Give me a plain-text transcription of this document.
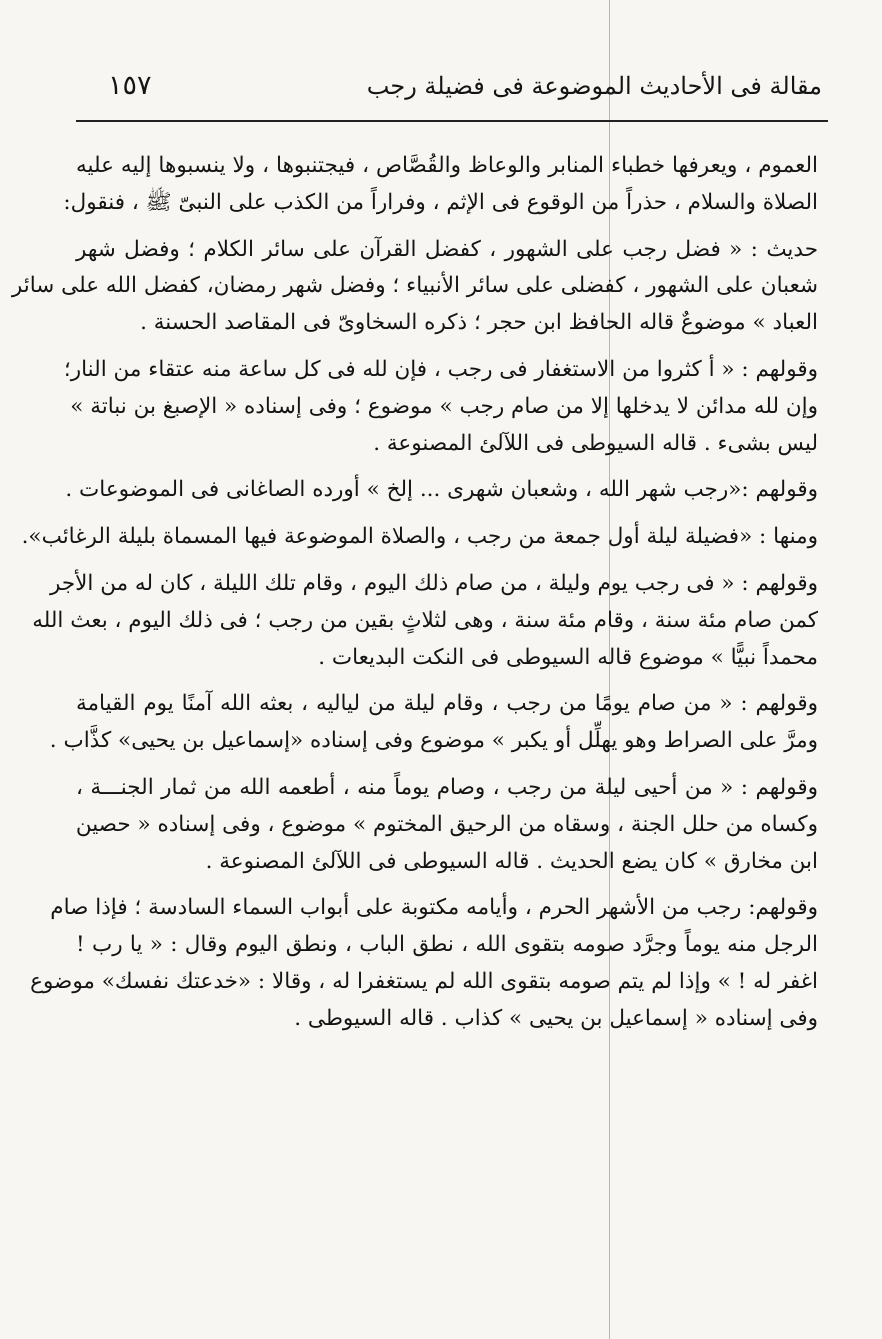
مقالة فى الأحاديث الموضوعة فى فضيلة رجب
١٥٧

العموم ، ويعرفها خطباء المنابر والوعاظ والقُصَّاص ، فيجتنبوها ، ولا ينسبوها إليه عليه
الصلاة والسلام ، حذراً من الوقوع فى الإثم ، وفراراً من الكذب على النبىّ ﷺ ، فنقول:

حديث : « فضل رجب على الشهور ، كفضل القرآن على سائر الكلام ؛ وفضل شهر
شعبان على الشهور ، كفضلى على سائر الأنبياء ؛ وفضل شهر رمضان، كفضل الله على سائر
العباد » موضوعٌ قاله الحافظ ابن حجر ؛ ذكره السخاوىّ فى المقاصد الحسنة .

وقولهم : « أ كثروا من الاستغفار فى رجب ، فإن لله فى كل ساعة منه عتقاء من النار؛
وإن لله مدائن لا يدخلها إلا من صام رجب » موضوع ؛ وفى إسناده « الإصبغ بن نباتة »
ليس بشىء . قاله السيوطى فى اللآلئ المصنوعة .

وقولهم :«رجب شهر الله ، وشعبان شهرى ... إلخ » أورده الصاغانى فى الموضوعات .

ومنها : «فضيلة ليلة أول جمعة من رجب ، والصلاة الموضوعة فيها المسماة بليلة الرغائب».

وقولهم : « فى رجب يوم وليلة ، من صام ذلك اليوم ، وقام تلك الليلة ، كان له من الأجر
كمن صام مئة سنة ، وقام مئة سنة ، وهى لثلاثٍ بقين من رجب ؛ فى ذلك اليوم ، بعث الله
محمداً نبيًّا » موضوع قاله السيوطى فى النكت البديعات .

وقولهم : « من صام يومًا من رجب ، وقام ليلة من لياليه ، بعثه الله آمنًا يوم القيامة
ومرَّ على الصراط وهو يهلِّل أو يكبر » موضوع وفى إسناده «إسماعيل بن يحيى» كذَّاب .

وقولهم : « من أحيى ليلة من رجب ، وصام يوماً منه ، أطعمه الله من ثمار الجنـــة ،
وكساه من حلل الجنة ، وسقاه من الرحيق المختوم » موضوع ، وفى إسناده « حصين
ابن مخارق » كان يضع الحديث . قاله السيوطى فى اللآلئ المصنوعة .

وقولهم: رجب من الأشهر الحرم ، وأيامه مكتوبة على أبواب السماء السادسة ؛ فإذا صام
الرجل منه يوماً وجرَّد صومه بتقوى الله ، نطق الباب ، ونطق اليوم وقال : « يا رب !
اغفر له ! » وإذا لم يتم صومه بتقوى الله لم يستغفرا له ، وقالا : «خدعتك نفسك» موضوع
وفى إسناده « إسماعيل بن يحيى » كذاب . قاله السيوطى .
